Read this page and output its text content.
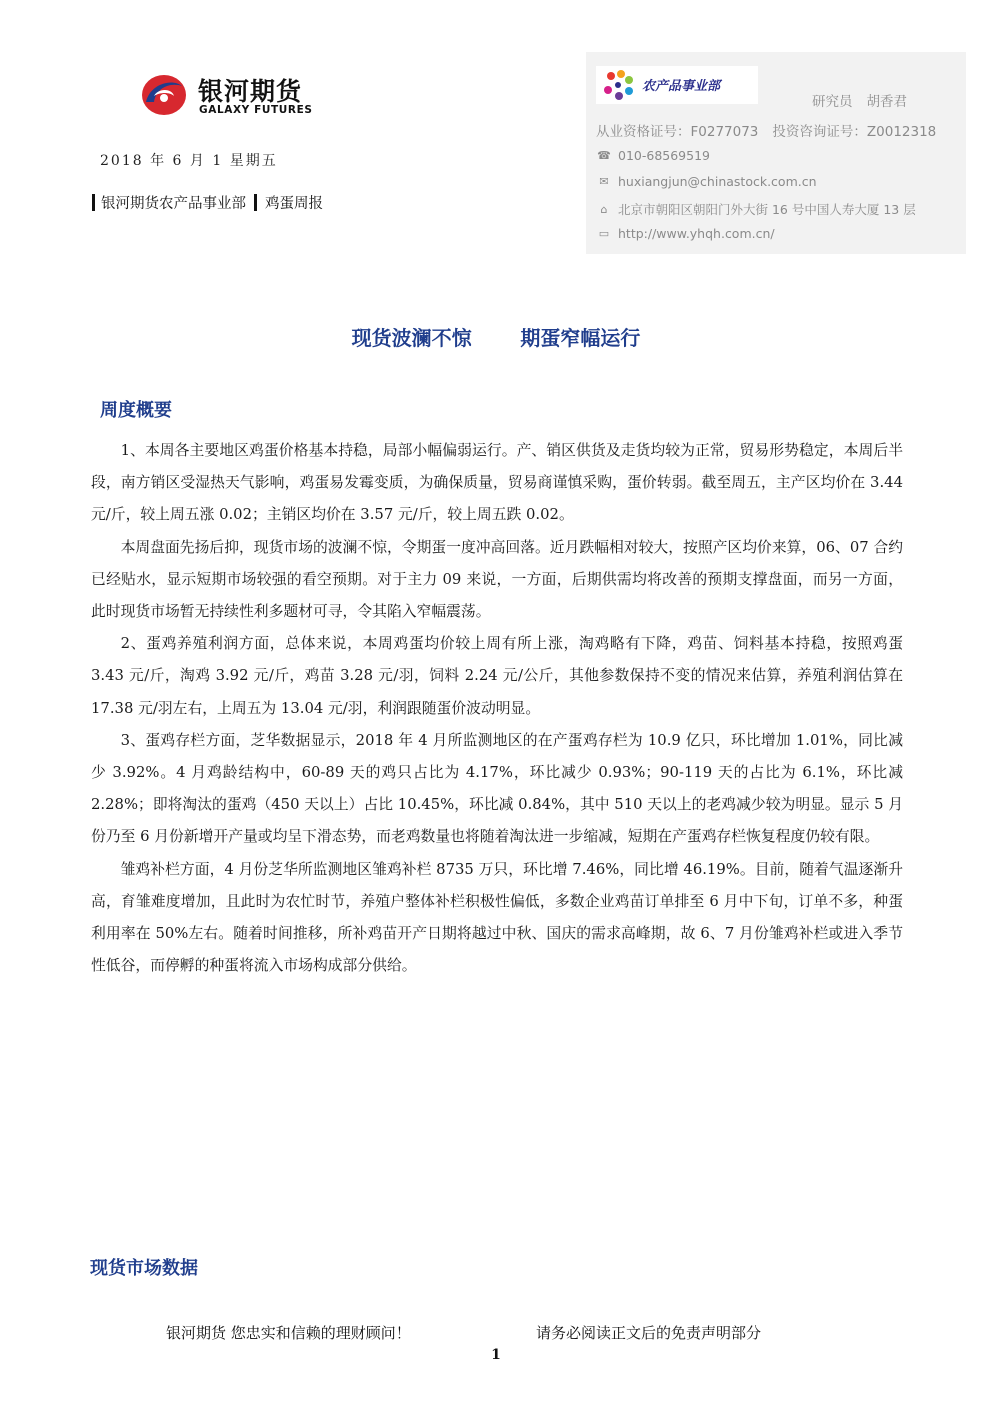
银河期货
GALAXY FUTURES
2018 年 6 月 1 星期五
银河期货农产品事业部 鸡蛋周报
农产品事业部
研究员 胡香君
从业资格证号：F0277073 投资咨询证号：Z0012318
☎ 010-68569519
✉ huxiangjun@chinastock.com.cn
⌂ 北京市朝阳区朝阳门外大街 16 号中国人寿大厦 13 层
▭ http://www.yhqh.com.cn/
现货波澜不惊       期蛋窄幅运行
周度概要

1、本周各主要地区鸡蛋价格基本持稳，局部小幅偏弱运行。产、销区供货及走货均较为正常，贸易形势稳定，本周后半段，南方销区受湿热天气影响，鸡蛋易发霉变质，为确保质量，贸易商谨慎采购，蛋价转弱。截至周五，主产区均价在 3.44 元/斤，较上周五涨 0.02；主销区均价在 3.57 元/斤，较上周五跌 0.02。

本周盘面先扬后抑，现货市场的波澜不惊，令期蛋一度冲高回落。近月跌幅相对较大，按照产区均价来算，06、07 合约已经贴水，显示短期市场较强的看空预期。对于主力 09 来说，一方面，后期供需均将改善的预期支撑盘面，而另一方面，此时现货市场暂无持续性利多题材可寻，令其陷入窄幅震荡。

2、蛋鸡养殖利润方面，总体来说，本周鸡蛋均价较上周有所上涨，淘鸡略有下降，鸡苗、饲料基本持稳，按照鸡蛋 3.43 元/斤，淘鸡 3.92 元/斤，鸡苗 3.28 元/羽，饲料 2.24 元/公斤，其他参数保持不变的情况来估算，养殖利润估算在 17.38 元/羽左右，上周五为 13.04 元/羽，利润跟随蛋价波动明显。

3、蛋鸡存栏方面，芝华数据显示，2018 年 4 月所监测地区的在产蛋鸡存栏为 10.9 亿只，环比增加 1.01%，同比减少 3.92%。4 月鸡龄结构中，60-89 天的鸡只占比为 4.17%，环比减少 0.93%；90-119 天的占比为 6.1%，环比减 2.28%；即将淘汰的蛋鸡（450 天以上）占比 10.45%，环比减 0.84%，其中 510 天以上的老鸡减少较为明显。显示 5 月份乃至 6 月份新增开产量或均呈下滑态势，而老鸡数量也将随着淘汰进一步缩减，短期在产蛋鸡存栏恢复程度仍较有限。

雏鸡补栏方面，4 月份芝华所监测地区雏鸡补栏 8735 万只，环比增 7.46%，同比增 46.19%。目前，随着气温逐渐升高，育雏难度增加，且此时为农忙时节，养殖户整体补栏积极性偏低，多数企业鸡苗订单排至 6 月中下旬，订单不多，种蛋利用率在 50%左右。随着时间推移，所补鸡苗开产日期将越过中秋、国庆的需求高峰期，故 6、7 月份雏鸡补栏或进入季节性低谷，而停孵的种蛋将流入市场构成部分供给。

现货市场数据
银河期货 您忠实和信赖的理财顾问！	请务必阅读正文后的免责声明部分
1
